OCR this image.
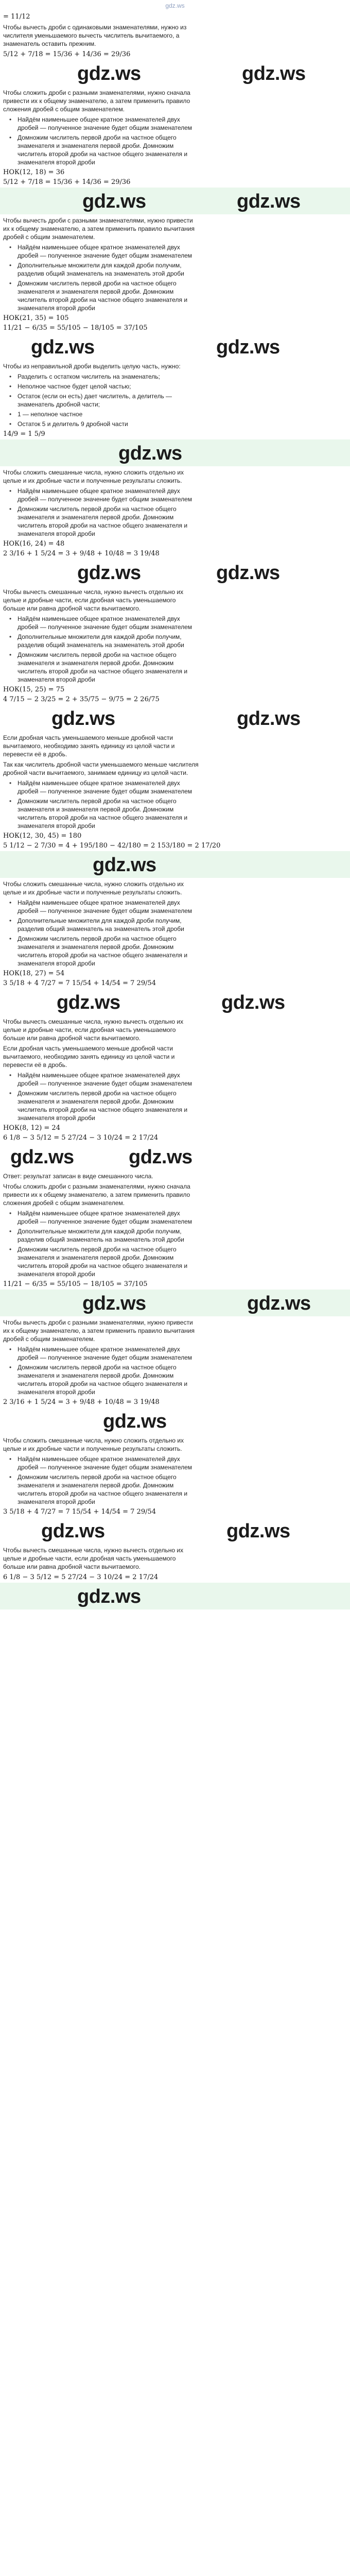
gdz.ws
= 11/12
Чтобы вычесть дроби с одинаковыми знаменателями, нужно из числителя уменьшаемого вычесть числитель вычитаемого, а знаменатель оставить прежним.
5/12 + 7/18 = 15/36 + 14/36 = 29/36
gdz.ws	gdz.ws
Чтобы сложить дроби с разными знаменателями, нужно сначала привести их к общему знаменателю, а затем применить правило сложения дробей с общим знаменателем.
• Найдём наименьшее общее кратное знаменателей двух дробей — полученное значение будет общим знаменателем
• Домножим числитель первой дроби на частное общего знаменателя и знаменателя первой дроби. Домножим числитель второй дроби на частное общего знаменателя и знаменателя второй дроби
НОК(12, 18) = 36
5/12 + 7/18 = 15/36 + 14/36 = 29/36
gdz.ws	gdz.ws
Чтобы вычесть дроби с разными знаменателями, нужно привести их к общему знаменателю, а затем применить правило вычитания дробей с общим знаменателем.
• Найдём наименьшее общее кратное знаменателей двух дробей — полученное значение будет общим знаменателем
• Дополнительные множители для каждой дроби получим, разделив общий знаменатель на знаменатель этой дроби
• Домножим числитель первой дроби на частное общего знаменателя и знаменателя первой дроби. Домножим числитель второй дроби на частное общего знаменателя и знаменателя второй дроби
НОК(21, 35) = 105
11/21 − 6/35 = 55/105 − 18/105 = 37/105
gdz.ws	gdz.ws
Чтобы из неправильной дроби выделить целую часть, нужно:
• Разделить с остатком числитель на знаменатель;
• Неполное частное будет целой частью;
• Остаток (если он есть) дает числитель, а делитель — знаменатель дробной части;
• 1 — неполное частное
• Остаток 5 и делитель 9 дробной части
14/9 = 1 5/9
gdz.ws
Чтобы сложить смешанные числа, нужно сложить отдельно их целые и их дробные части и полученные результаты сложить.
• Найдём наименьшее общее кратное знаменателей двух дробей — полученное значение будет общим знаменателем
• Домножим числитель первой дроби на частное общего знаменателя и знаменателя первой дроби. Домножим числитель второй дроби на частное общего знаменателя и знаменателя второй дроби
НОК(16, 24) = 48
2 3/16 + 1 5/24 = 3 + 9/48 + 10/48 = 3 19/48
gdz.ws	gdz.ws
Чтобы вычесть смешанные числа, нужно вычесть отдельно их целые и дробные части, если дробная часть уменьшаемого больше или равна дробной части вычитаемого.
• Найдём наименьшее общее кратное знаменателей двух дробей — полученное значение будет общим знаменателем
• Дополнительные множители для каждой дроби получим, разделив общий знаменатель на знаменатель этой дроби
• Домножим числитель первой дроби на частное общего знаменателя и знаменателя первой дроби. Домножим числитель второй дроби на частное общего знаменателя и знаменателя второй дроби
НОК(15, 25) = 75
4 7/15 − 2 3/25 = 2 + 35/75 − 9/75 = 2 26/75
gdz.ws	gdz.ws
Если дробная часть уменьшаемого меньше дробной части вычитаемого, необходимо занять единицу из целой части и перевести её в дробь.
Так как числитель дробной части уменьшаемого меньше числителя дробной части вычитаемого, занимаем единицу из целой части.
• Найдём наименьшее общее кратное знаменателей двух дробей — полученное значение будет общим знаменателем
• Домножим числитель первой дроби на частное общего знаменателя и знаменателя первой дроби. Домножим числитель второй дроби на частное общего знаменателя и знаменателя второй дроби
НОК(12, 30, 45) = 180
5 1/12 − 2 7/30 = 4 + 195/180 − 42/180 = 2 153/180 = 2 17/20
gdz.ws
Чтобы сложить смешанные числа, нужно сложить отдельно их целые и их дробные части и полученные результаты сложить.
• Найдём наименьшее общее кратное знаменателей двух дробей — полученное значение будет общим знаменателем
• Дополнительные множители для каждой дроби получим, разделив общий знаменатель на знаменатель этой дроби
• Домножим числитель первой дроби на частное общего знаменателя и знаменателя первой дроби. Домножим числитель второй дроби на частное общего знаменателя и знаменателя второй дроби
НОК(18, 27) = 54
3 5/18 + 4 7/27 = 7 15/54 + 14/54 = 7 29/54
gdz.ws	gdz.ws
Чтобы вычесть смешанные числа, нужно вычесть отдельно их целые и дробные части, если дробная часть уменьшаемого больше или равна дробной части вычитаемого.
Если дробная часть уменьшаемого меньше дробной части вычитаемого, необходимо занять единицу из целой части и перевести её в дробь.
• Найдём наименьшее общее кратное знаменателей двух дробей — полученное значение будет общим знаменателем
• Домножим числитель первой дроби на частное общего знаменателя и знаменателя первой дроби. Домножим числитель второй дроби на частное общего знаменателя и знаменателя второй дроби
НОК(8, 12) = 24
6 1/8 − 3 5/12 = 5 27/24 − 3 10/24 = 2 17/24
gdz.ws	gdz.ws
Ответ: результат записан в виде смешанного числа.
Чтобы сложить дроби с разными знаменателями, нужно сначала привести их к общему знаменателю, а затем применить правило сложения дробей с общим знаменателем.
• Найдём наименьшее общее кратное знаменателей двух дробей — полученное значение будет общим знаменателем
• Дополнительные множители для каждой дроби получим, разделив общий знаменатель на знаменатель этой дроби
• Домножим числитель первой дроби на частное общего знаменателя и знаменателя первой дроби. Домножим числитель второй дроби на частное общего знаменателя и знаменателя второй дроби
11/21 − 6/35 = 55/105 − 18/105 = 37/105
gdz.ws	gdz.ws
Чтобы вычесть дроби с разными знаменателями, нужно привести их к общему знаменателю, а затем применить правило вычитания дробей с общим знаменателем.
• Найдём наименьшее общее кратное знаменателей двух дробей — полученное значение будет общим знаменателем
• Домножим числитель первой дроби на частное общего знаменателя и знаменателя первой дроби. Домножим числитель второй дроби на частное общего знаменателя и знаменателя второй дроби
2 3/16 + 1 5/24 = 3 + 9/48 + 10/48 = 3 19/48
gdz.ws
Чтобы сложить смешанные числа, нужно сложить отдельно их целые и их дробные части и полученные результаты сложить.
• Найдём наименьшее общее кратное знаменателей двух дробей — полученное значение будет общим знаменателем
• Домножим числитель первой дроби на частное общего знаменателя и знаменателя первой дроби. Домножим числитель второй дроби на частное общего знаменателя и знаменателя второй дроби
3 5/18 + 4 7/27 = 7 15/54 + 14/54 = 7 29/54
gdz.ws	gdz.ws
Чтобы вычесть смешанные числа, нужно вычесть отдельно их целые и дробные части, если дробная часть уменьшаемого больше или равна дробной части вычитаемого.
6 1/8 − 3 5/12 = 5 27/24 − 3 10/24 = 2 17/24
gdz.ws
